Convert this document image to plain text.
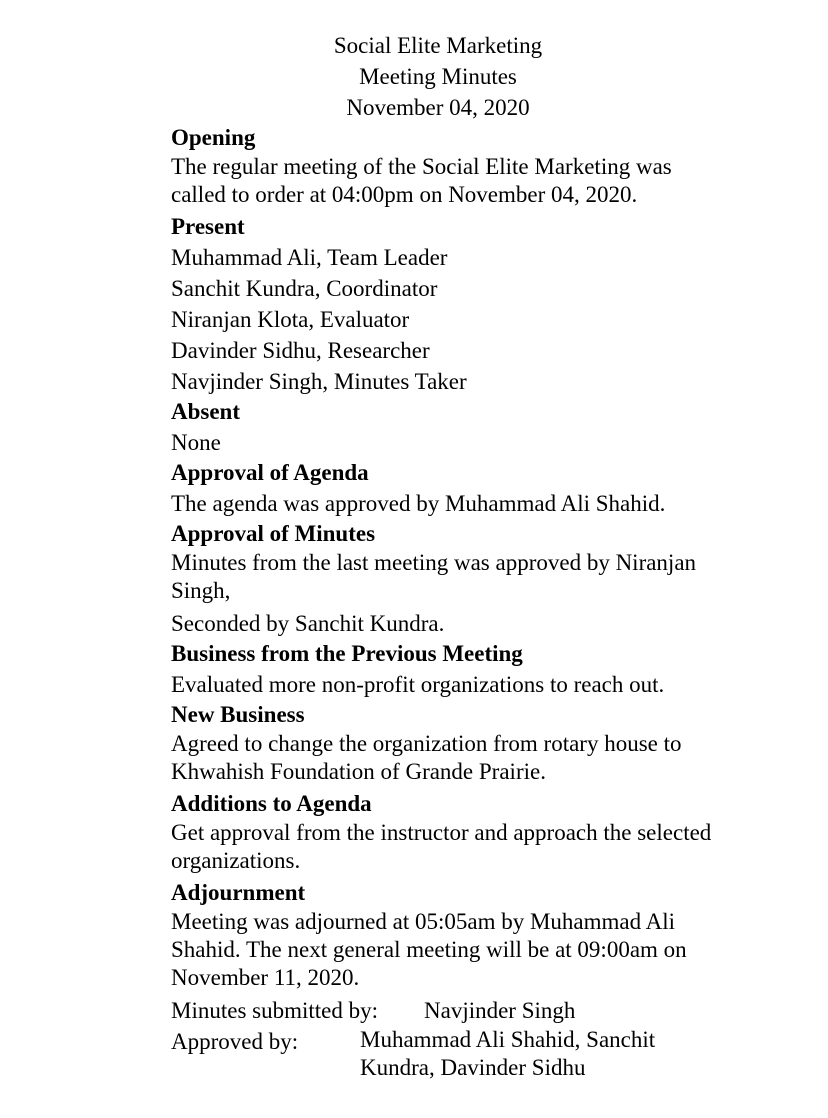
Social Elite Marketing
Meeting Minutes
November 04, 2020
Opening
The regular meeting of the Social Elite Marketing was called to order at 04:00pm on November 04, 2020.
Present
Muhammad Ali, Team Leader
Sanchit Kundra, Coordinator
Niranjan Klota, Evaluator
Davinder Sidhu, Researcher
Navjinder Singh, Minutes Taker
Absent
None
Approval of Agenda
The agenda was approved by Muhammad Ali Shahid.
Approval of Minutes
Minutes from the last meeting was approved by Niranjan Singh,
Seconded by Sanchit Kundra.
Business from the Previous Meeting
Evaluated more non-profit organizations to reach out.
New Business
Agreed to change the organization from rotary house to Khwahish Foundation of Grande Prairie.
Additions to Agenda
Get approval from the instructor and approach the selected organizations.
Adjournment
Meeting was adjourned at 05:05am by Muhammad Ali Shahid. The next general meeting will be at 09:00am on November 11, 2020.
Minutes submitted by: Navjinder Singh
Approved by:	Muhammad Ali Shahid, Sanchit Kundra, Davinder Sidhu
